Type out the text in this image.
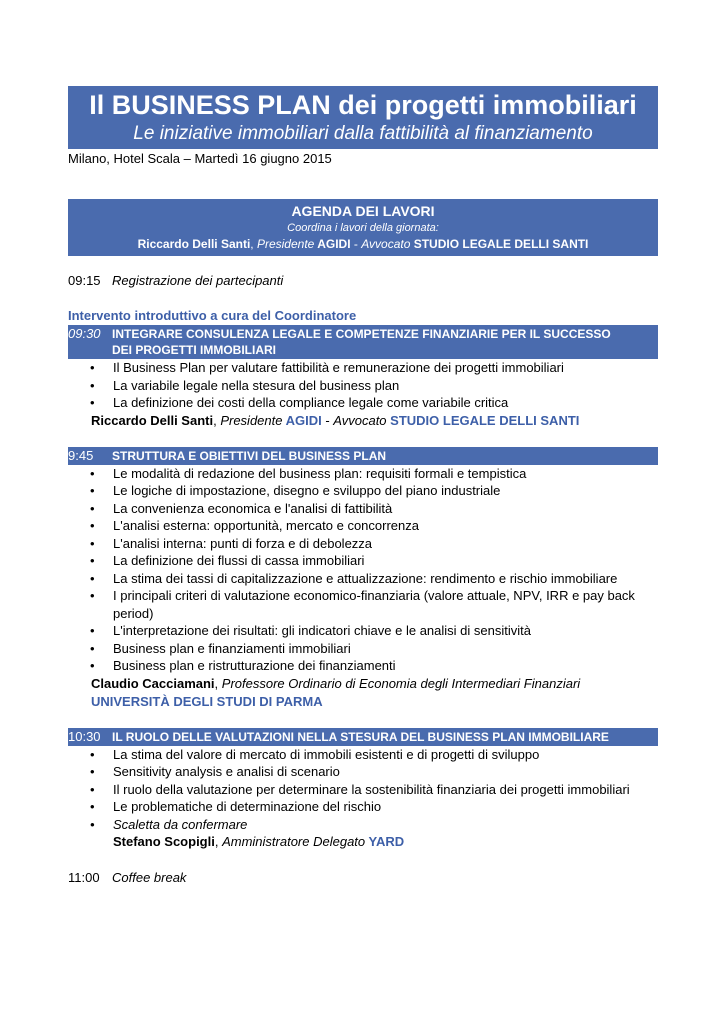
Il BUSINESS PLAN dei progetti immobiliari
Le iniziative immobiliari dalla fattibilità al finanziamento
Milano, Hotel Scala – Martedì 16 giugno 2015
AGENDA DEI LAVORI
Coordina i lavori della giornata:
Riccardo Delli Santi, Presidente AGIDI - Avvocato STUDIO LEGALE DELLI SANTI
09:15 Registrazione dei partecipanti
Intervento introduttivo a cura del Coordinatore
09:30 INTEGRARE CONSULENZA LEGALE E COMPETENZE FINANZIARIE PER IL SUCCESSO
DEI PROGETTI IMMOBILIARI
• Il Business Plan per valutare fattibilità e remunerazione dei progetti immobiliari
• La variabile legale nella stesura del business plan
• La definizione dei costi della compliance legale come variabile critica
Riccardo Delli Santi, Presidente AGIDI - Avvocato STUDIO LEGALE DELLI SANTI
9:45	STRUTTURA E OBIETTIVI DEL BUSINESS PLAN
• Le modalità di redazione del business plan: requisiti formali e tempistica
• Le logiche di impostazione, disegno e sviluppo del piano industriale
• La convenienza economica e l'analisi di fattibilità
• L'analisi esterna: opportunità, mercato e concorrenza
• L'analisi interna: punti di forza e di debolezza
• La definizione dei flussi di cassa immobiliari
• La stima dei tassi di capitalizzazione e attualizzazione: rendimento e rischio immobiliare
• I principali criteri di valutazione economico-finanziaria (valore attuale, NPV, IRR e pay back period)
• L'interpretazione dei risultati: gli indicatori chiave e le analisi di sensitività
• Business plan e finanziamenti immobiliari
• Business plan e ristrutturazione dei finanziamenti
Claudio Cacciamani, Professore Ordinario di Economia degli Intermediari Finanziari
UNIVERSITÀ DEGLI STUDI DI PARMA
10:30 IL RUOLO DELLE VALUTAZIONI NELLA STESURA DEL BUSINESS PLAN IMMOBILIARE
• La stima del valore di mercato di immobili esistenti e di progetti di sviluppo
• Sensitivity analysis e analisi di scenario
• Il ruolo della valutazione per determinare la sostenibilità finanziaria dei progetti immobiliari
• Le problematiche di determinazione del rischio
• Scaletta da confermare
Stefano Scopigli, Amministratore Delegato YARD
11:00 Coffee break
